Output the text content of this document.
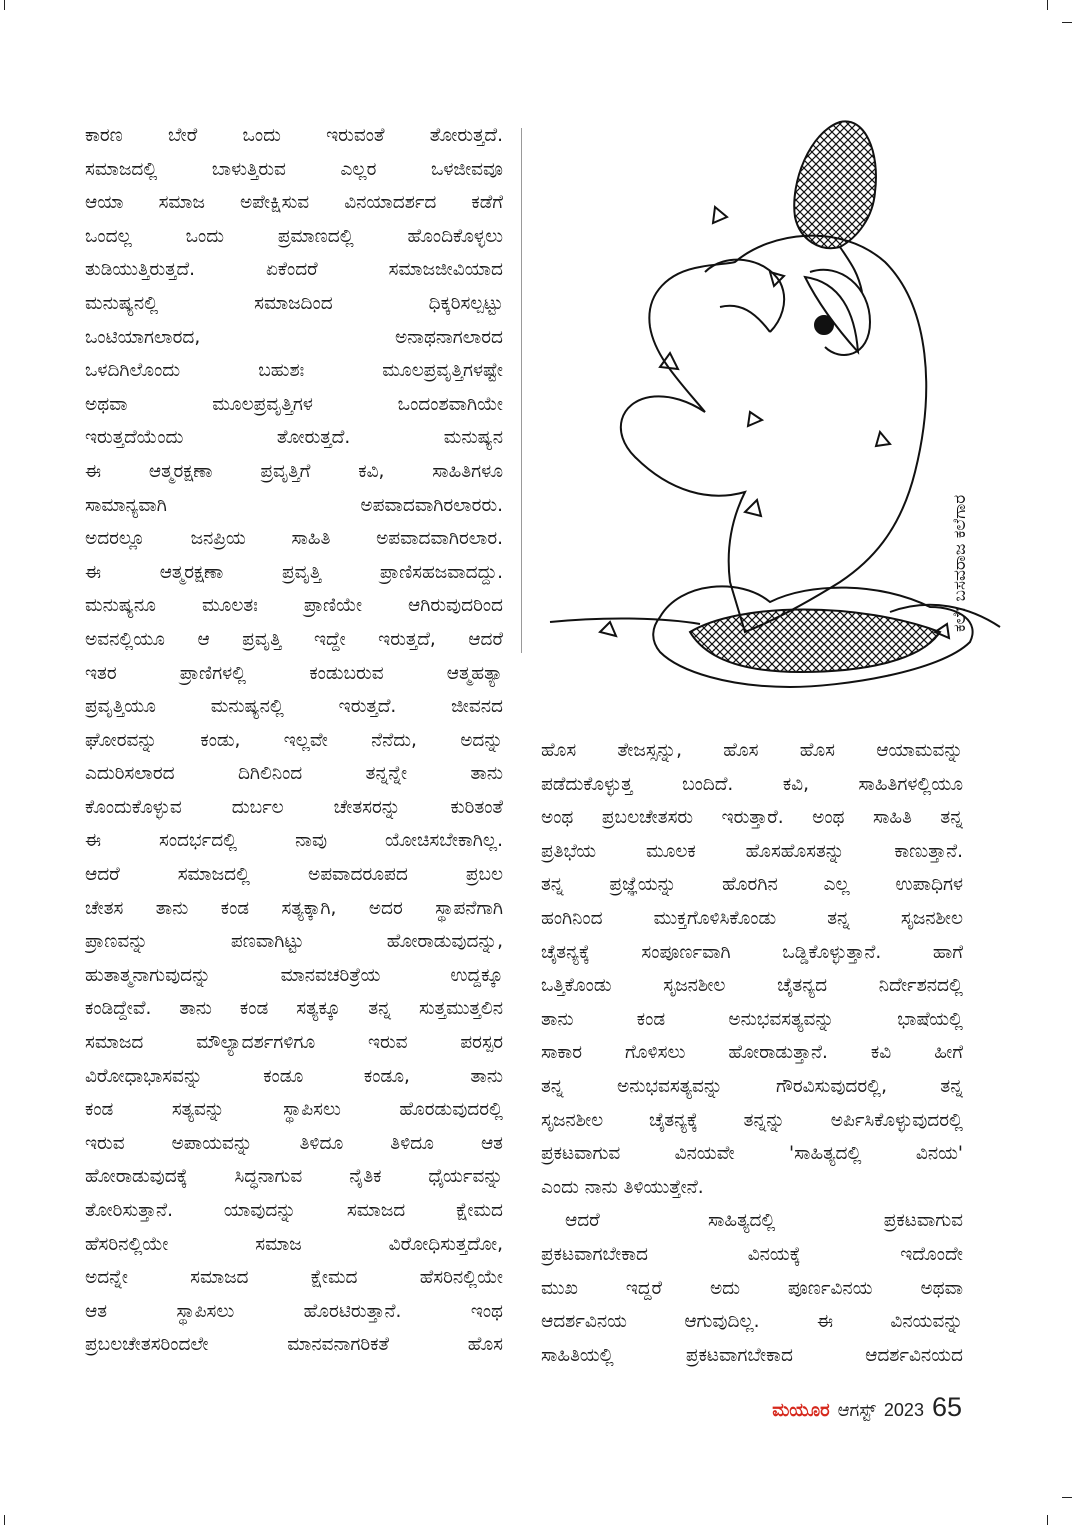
ಕಾರಣ ಬೇರೆ ಒಂದು ಇರುವಂತೆ ತೋರುತ್ತದೆ.
ಸಮಾಜದಲ್ಲಿ ಬಾಳುತ್ತಿರುವ ಎಲ್ಲರ ಒಳಜೀವವೂ
ಆಯಾ ಸಮಾಜ ಅಪೇಕ್ಷಿಸುವ ವಿನಯಾದರ್ಶದ ಕಡೆಗೆ
ಒಂದಲ್ಲ ಒಂದು ಪ್ರಮಾಣದಲ್ಲಿ ಹೊಂದಿಕೊಳ್ಳಲು
ತುಡಿಯುತ್ತಿರುತ್ತದೆ. ಏಕೆಂದರೆ ಸಮಾಜಜೀವಿಯಾದ
ಮನುಷ್ಯನಲ್ಲಿ ಸಮಾಜದಿಂದ ಧಿಕ್ಕರಿಸಲ್ಪಟ್ಟು
ಒಂಟಿಯಾಗಲಾರದ, ಅನಾಥನಾಗಲಾರದ
ಒಳದಿಗಿಲೊಂದು ಬಹುಶಃ ಮೂಲಪ್ರವೃತ್ತಿಗಳಷ್ಟೇ
ಅಥವಾ ಮೂಲಪ್ರವೃತ್ತಿಗಳ ಒಂದಂಶವಾಗಿಯೇ
ಇರುತ್ತದೆಯೆಂದು ತೋರುತ್ತದೆ. ಮನುಷ್ಯನ
ಈ ಆತ್ಮರಕ್ಷಣಾ ಪ್ರವೃತ್ತಿಗೆ ಕವಿ, ಸಾಹಿತಿಗಳೂ
ಸಾಮಾನ್ಯವಾಗಿ ಅಪವಾದವಾಗಿರಲಾರರು.
ಅದರಲ್ಲೂ ಜನಪ್ರಿಯ ಸಾಹಿತಿ ಅಪವಾದವಾಗಿರಲಾರ.
ಈ ಆತ್ಮರಕ್ಷಣಾ ಪ್ರವೃತ್ತಿ ಪ್ರಾಣಿಸಹಜವಾದದ್ದು.
ಮನುಷ್ಯನೂ ಮೂಲತಃ ಪ್ರಾಣಿಯೇ ಆಗಿರುವುದರಿಂದ
ಅವನಲ್ಲಿಯೂ ಆ ಪ್ರವೃತ್ತಿ ಇದ್ದೇ ಇರುತ್ತದೆ, ಆದರೆ
ಇತರ ಪ್ರಾಣಿಗಳಲ್ಲಿ ಕಂಡುಬರುವ ಆತ್ಮಹತ್ಯಾ
ಪ್ರವೃತ್ತಿಯೂ ಮನುಷ್ಯನಲ್ಲಿ ಇರುತ್ತದೆ. ಜೀವನದ
ಘೋರವನ್ನು ಕಂಡು, ಇಲ್ಲವೇ ನೆನೆದು, ಅದನ್ನು
ಎದುರಿಸಲಾರದ ದಿಗಿಲಿನಿಂದ ತನ್ನನ್ನೇ ತಾನು
ಕೊಂದುಕೊಳ್ಳುವ ದುರ್ಬಲ ಚೇತಸರನ್ನು ಕುರಿತಂತೆ
ಈ ಸಂದರ್ಭದಲ್ಲಿ ನಾವು ಯೋಚಿಸಬೇಕಾಗಿಲ್ಲ.
ಆದರೆ ಸಮಾಜದಲ್ಲಿ ಅಪವಾದರೂಪದ ಪ್ರಬಲ
ಚೇತಸ ತಾನು ಕಂಡ ಸತ್ಯಕ್ಕಾಗಿ, ಅದರ ಸ್ಥಾಪನೆಗಾಗಿ
ಪ್ರಾಣವನ್ನು ಪಣವಾಗಿಟ್ಟು ಹೋರಾಡುವುದನ್ನು,
ಹುತಾತ್ಮನಾಗುವುದನ್ನು ಮಾನವಚರಿತ್ರೆಯ ಉದ್ದಕ್ಕೂ
ಕಂಡಿದ್ದೇವೆ. ತಾನು ಕಂಡ ಸತ್ಯಕ್ಕೂ ತನ್ನ ಸುತ್ತಮುತ್ತಲಿನ
ಸಮಾಜದ ಮೌಲ್ಯಾದರ್ಶಗಳಿಗೂ ಇರುವ ಪರಸ್ಪರ
ವಿರೋಧಾಭಾಸವನ್ನು ಕಂಡೂ ಕಂಡೂ, ತಾನು
ಕಂಡ ಸತ್ಯವನ್ನು ಸ್ಥಾಪಿಸಲು ಹೊರಡುವುದರಲ್ಲಿ
ಇರುವ ಅಪಾಯವನ್ನು ತಿಳಿದೂ ತಿಳಿದೂ ಆತ
ಹೋರಾಡುವುದಕ್ಕೆ ಸಿದ್ಧನಾಗುವ ನೈತಿಕ ಧೈರ್ಯವನ್ನು
ತೋರಿಸುತ್ತಾನೆ. ಯಾವುದನ್ನು ಸಮಾಜದ ಕ್ಷೇಮದ
ಹೆಸರಿನಲ್ಲಿಯೇ ಸಮಾಜ ವಿರೋಧಿಸುತ್ತದೋ,
ಅದನ್ನೇ ಸಮಾಜದ ಕ್ಷೇಮದ ಹೆಸರಿನಲ್ಲಿಯೇ
ಆತ ಸ್ಥಾಪಿಸಲು ಹೊರಟಿರುತ್ತಾನೆ. ಇಂಥ
ಪ್ರಬಲಚೇತಸರಿಂದಲೇ ಮಾನವನಾಗರಿಕತೆ ಹೊಸ
ಕಲೆ: ಬಸವರಾಜ ಕಲೆಗಾರ
ಹೊಸ ತೇಜಸ್ಸನ್ನು, ಹೊಸ ಹೊಸ ಆಯಾಮವನ್ನು
ಪಡೆದುಕೊಳ್ಳುತ್ತ ಬಂದಿದೆ. ಕವಿ, ಸಾಹಿತಿಗಳಲ್ಲಿಯೂ
ಅಂಥ ಪ್ರಬಲಚೇತಸರು ಇರುತ್ತಾರೆ. ಅಂಥ ಸಾಹಿತಿ ತನ್ನ
ಪ್ರತಿಭೆಯ ಮೂಲಕ ಹೊಸಹೊಸತನ್ನು ಕಾಣುತ್ತಾನೆ.
ತನ್ನ ಪ್ರಜ್ಞೆಯನ್ನು ಹೊರಗಿನ ಎಲ್ಲ ಉಪಾಧಿಗಳ
ಹಂಗಿನಿಂದ ಮುಕ್ತಗೊಳಿಸಿಕೊಂಡು ತನ್ನ ಸೃಜನಶೀಲ
ಚೈತನ್ಯಕ್ಕೆ ಸಂಪೂರ್ಣವಾಗಿ ಒಡ್ಡಿಕೊಳ್ಳುತ್ತಾನೆ. ಹಾಗೆ
ಒತ್ತಿಕೊಂಡು ಸೃಜನಶೀಲ ಚೈತನ್ಯದ ನಿರ್ದೇಶನದಲ್ಲಿ
ತಾನು ಕಂಡ ಅನುಭವಸತ್ಯವನ್ನು ಭಾಷೆಯಲ್ಲಿ
ಸಾಕಾರ ಗೊಳಿಸಲು ಹೋರಾಡುತ್ತಾನೆ. ಕವಿ ಹೀಗೆ
ತನ್ನ ಅನುಭವಸತ್ಯವನ್ನು ಗೌರವಿಸುವುದರಲ್ಲಿ, ತನ್ನ
ಸೃಜನಶೀಲ ಚೈತನ್ಯಕ್ಕೆ ತನ್ನನ್ನು ಅರ್ಪಿಸಿಕೊಳ್ಳುವುದರಲ್ಲಿ
ಪ್ರಕಟವಾಗುವ ವಿನಯವೇ 'ಸಾಹಿತ್ಯದಲ್ಲಿ ವಿನಯ'
ಎಂದು ನಾನು ತಿಳಿಯುತ್ತೇನೆ.
ಆದರೆ ಸಾಹಿತ್ಯದಲ್ಲಿ ಪ್ರಕಟವಾಗುವ
ಪ್ರಕಟವಾಗಬೇಕಾದ ವಿನಯಕ್ಕೆ ಇದೊಂದೇ
ಮುಖ ಇದ್ದರೆ ಅದು ಪೂರ್ಣವಿನಯ ಅಥವಾ
ಆದರ್ಶವಿನಯ ಆಗುವುದಿಲ್ಲ. ಈ ವಿನಯವನ್ನು
ಸಾಹಿತಿಯಲ್ಲಿ ಪ್ರಕಟವಾಗಬೇಕಾದ ಆದರ್ಶವಿನಯದ
ಮಯೂರ ಆಗಸ್ಟ್ 2023 65
